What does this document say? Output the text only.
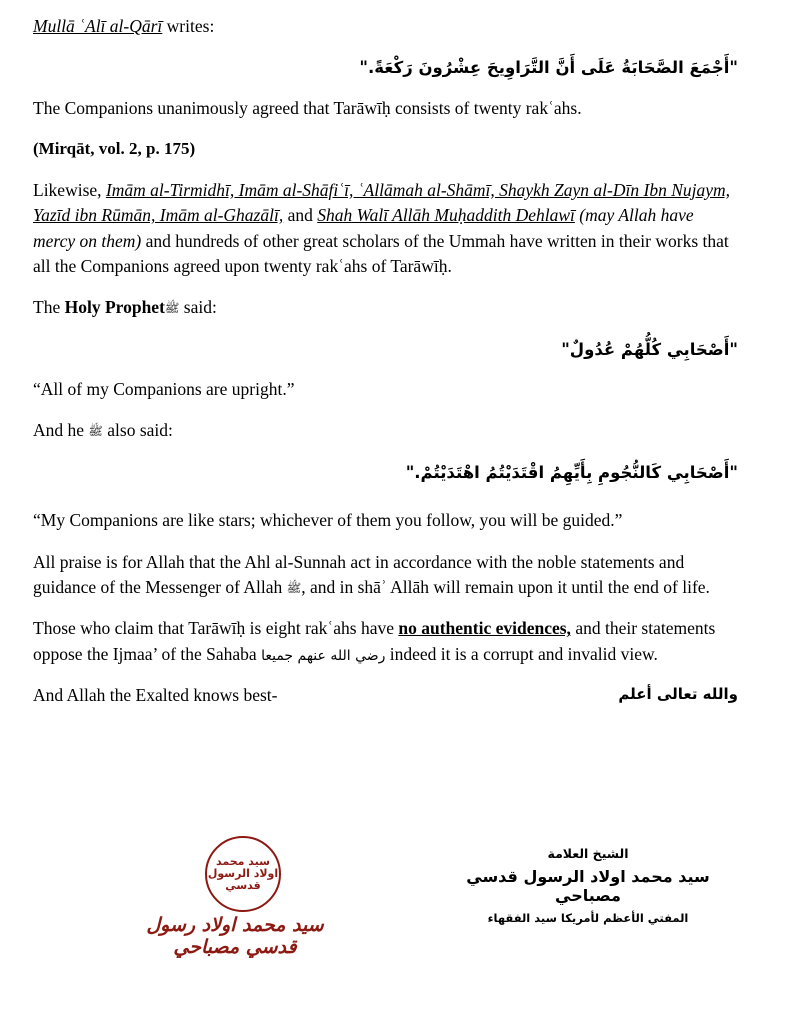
Mullā ʿAlī al-Qārī writes:

"أَجْمَعَ الصَّحَابَةُ عَلَى أَنَّ التَّرَاوِيحَ عِشْرُونَ رَكْعَةً."

The Companions unanimously agreed that Tarāwīḥ consists of twenty rakʿahs.

(Mirqāt, vol. 2, p. 175)

Likewise, Imām al-Tirmidhī, Imām al-Shāfiʿī, ʿAllāmah al-Shāmī, Shaykh Zayn al-Dīn Ibn Nujaym, Yazīd ibn Rūmān, Imām al-Ghazālī, and Shah Walī Allāh Muḥaddith Dehlawī (may Allah have mercy on them) and hundreds of other great scholars of the Ummah have written in their works that all the Companions agreed upon twenty rakʿahs of Tarāwīḥ.

The Holy Prophetﷺ said:

"أَصْحَابِي كُلُّهُمْ عُدُولٌ"

“All of my Companions are upright.”

And he ﷺ also said:

"أَصْحَابِي كَالنُّجُومِ بِأَيِّهِمُ اقْتَدَيْتُمُ اهْتَدَيْتُمْ."

“My Companions are like stars; whichever of them you follow, you will be guided.”

All praise is for Allah that the Ahl al-Sunnah act in accordance with the noble statements and guidance of the Messenger of Allah ﷺ, and in shāʾ Allāh will remain upon it until the end of life.

Those who claim that Tarāwīḥ is eight rakʿahs have no authentic evidences, and their statements oppose the Ijmaa’ of the Sahaba رضي الله عنهم جميعا indeed it is a corrupt and invalid view.

والله تعالى أعلم

And Allah the Exalted knows best-

سيد محمد اولاد الرسول قدسي
سيد محمد اولاد رسول قدسي مصباحي
الشيخ العلامة
سيد محمد اولاد الرسول قدسي مصباحي
المفتي الأعظم لأمريكا سيد الفقهاء
